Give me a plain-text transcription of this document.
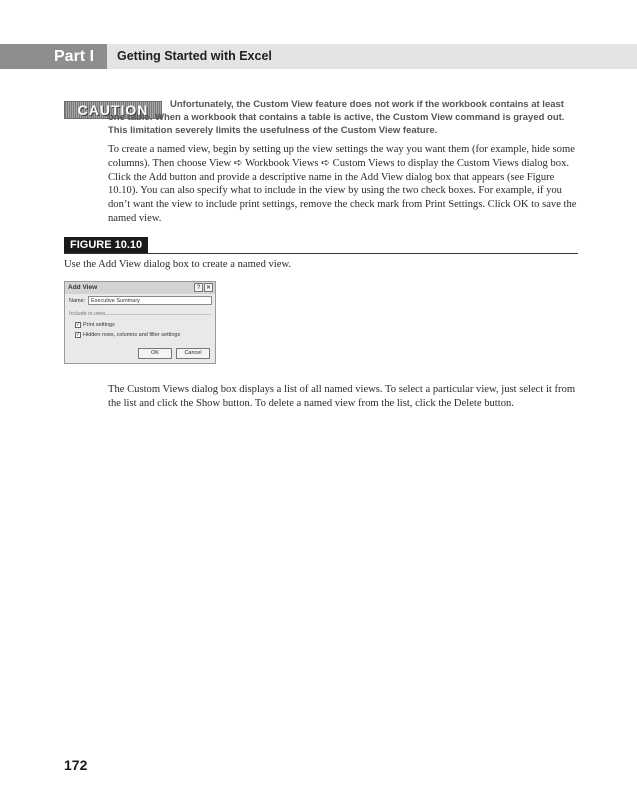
Part I	Getting Started with Excel
CAUTION	Unfortunately, the Custom View feature does not work if the workbook contains at least one table. When a workbook that contains a table is active, the Custom View command is grayed out. This limitation severely limits the usefulness of the Custom View feature.
To create a named view, begin by setting up the view settings the way you want them (for example, hide some columns). Then choose View ➪ Workbook Views ➪ Custom Views to display the Custom Views dialog box. Click the Add button and provide a descriptive name in the Add View dialog box that appears (see Figure 10.10). You can also specify what to include in the view by using the two check boxes. For example, if you don’t want the view to include print settings, remove the check mark from Print Settings. Click OK to save the named view.
FIGURE 10.10
Use the Add View dialog box to create a named view.
Add View	? ✕
Name:	Executive Summary
Include in view
✓ Print settings
✓ Hidden rows, columns and filter settings
OK	Cancel
The Custom Views dialog box displays a list of all named views. To select a particular view, just select it from the list and click the Show button. To delete a named view from the list, click the Delete button.
172
